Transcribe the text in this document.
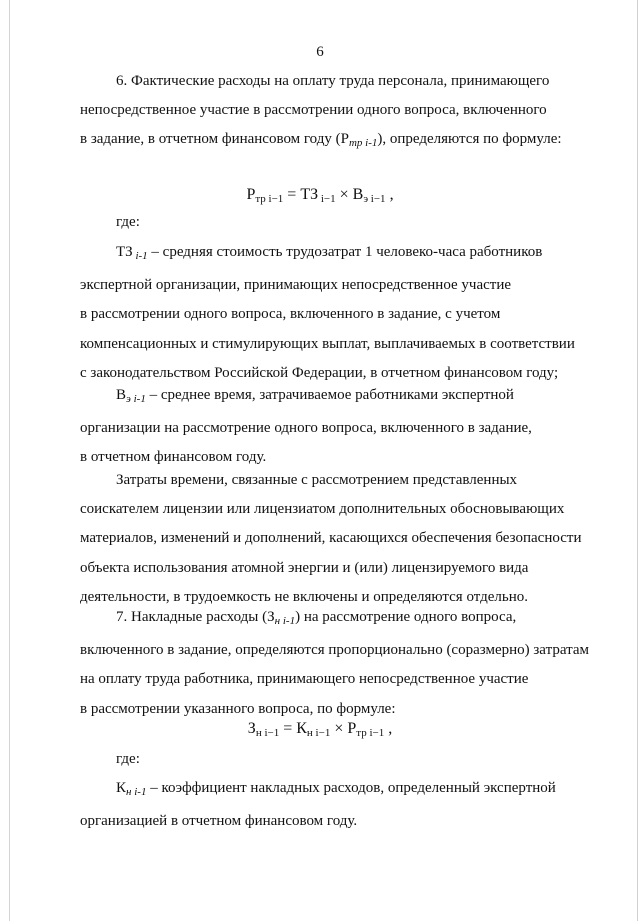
6
6. Фактические расходы на оплату труда персонала, принимающего
непосредственное участие в рассмотрении одного вопроса, включенного
в задание, в отчетном финансовом году $(Р_{тр i-1})$, определяются по формуле:
Ртр i−1 = ТЗ i−1 × Вэ i−1 ,
где:
ТЗ $_{i-1}$ – средняя стоимость трудозатрат 1 человеко-часа работников
экспертной организации, принимающих непосредственное участие
в рассмотрении одного вопроса, включенного в задание, с учетом
компенсационных и стимулирующих выплат, выплачиваемых в соответствии
с законодательством Российской Федерации, в отчетном финансовом году;
$В_{э i-1}$ – среднее время, затрачиваемое работниками экспертной
организации на рассмотрение одного вопроса, включенного в задание,
в отчетном финансовом году.
Затраты времени, связанные с рассмотрением представленных
соискателем лицензии или лицензиатом дополнительных обосновывающих
материалов, изменений и дополнений, касающихся обеспечения безопасности
объекта использования атомной энергии и (или) лицензируемого вида
деятельности, в трудоемкость не включены и определяются отдельно.
7. Накладные расходы $(З_{н i-1})$ на рассмотрение одного вопроса,
включенного в задание, определяются пропорционально (соразмерно) затратам
на оплату труда работника, принимающего непосредственное участие
в рассмотрении указанного вопроса, по формуле:
Зн i−1 = Кн i−1 × Ртр i−1 ,
где:
$К_{н i-1}$ – коэффициент накладных расходов, определенный экспертной
организацией в отчетном финансовом году.
